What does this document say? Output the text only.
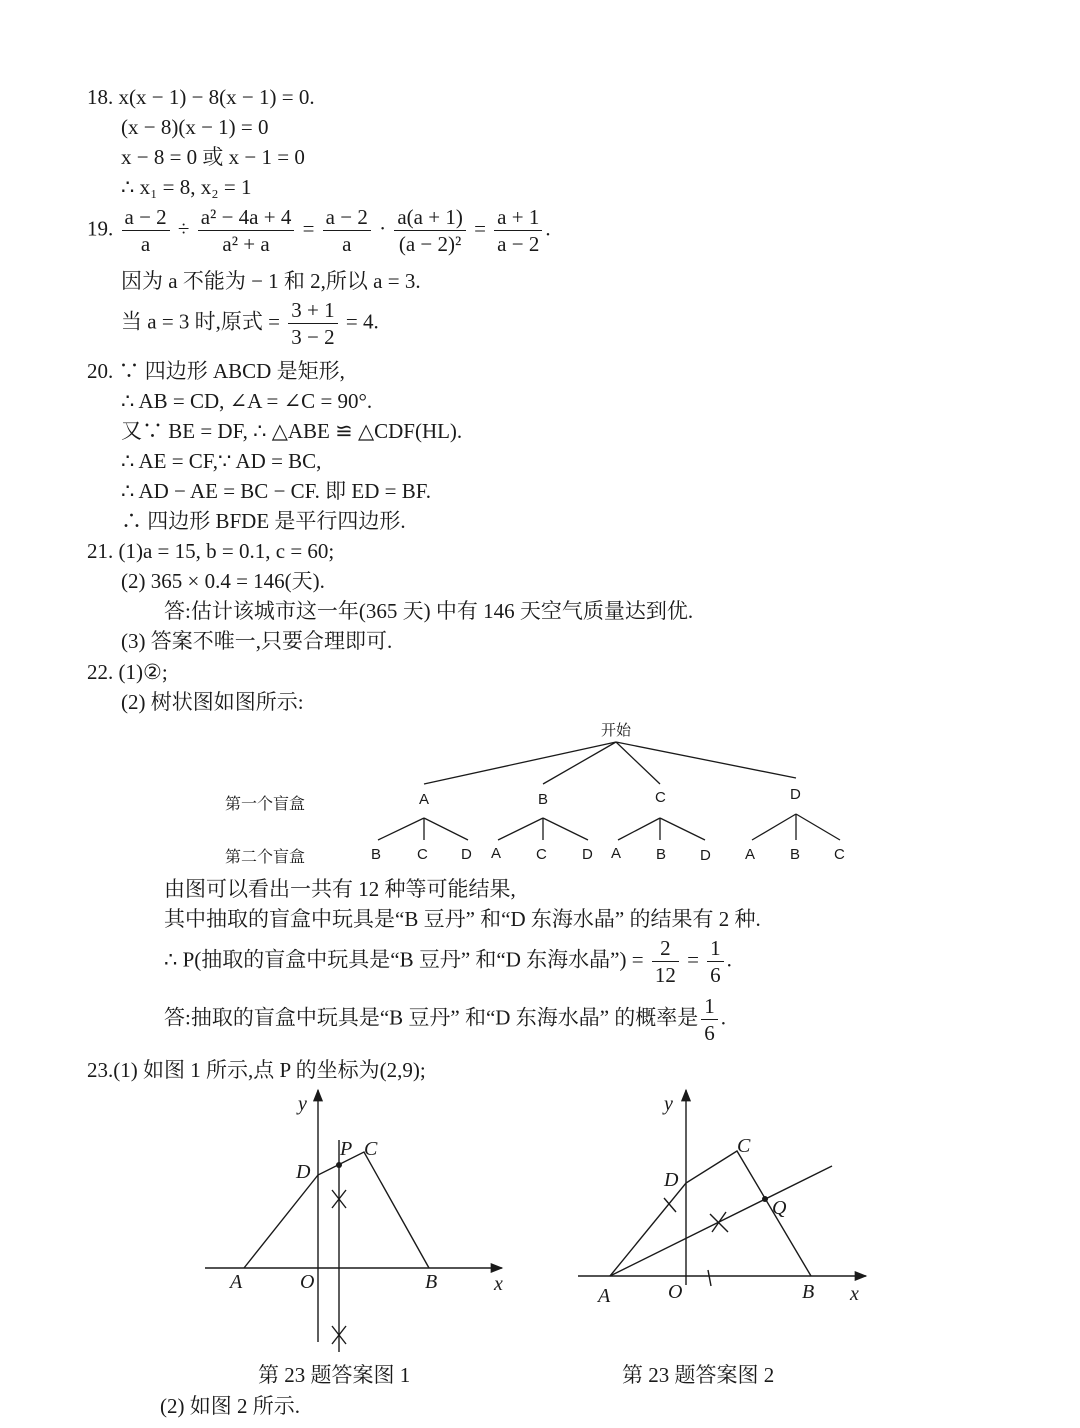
18. x(x − 1) − 8(x − 1) = 0.
(x − 8)(x − 1) = 0
x − 8 = 0 或 x − 1 = 0
∴ x₁ = 8, x₂ = 1
19. $\frac{a - 2}{a} \div \frac{\text{a² − 4a + 4}}{\text{a² + a}} = \frac{a - 2}{a} \cdot \frac{a(a + 1)}{\text{(a − 2)²}} = \frac{a + 1}{a - 2}$ .
因为 a 不能为 − 1 和 2,所以 a = 3.
当 a = 3 时,原式 = $\frac{3 + 1}{3 - 2} = 4$.
20. ∵ 四边形 ABCD 是矩形,
∴ AB = CD, ∠A = ∠C = 90°.
又∵ BE = DF, ∴ △ABE ≌ △CDF(HL).
∴ AE = CF,∵ AD = BC,
∴ AD − AE = BC − CF. 即 ED = BF.
∴ 四边形 BFDE 是平行四边形.
21. (1)a = 15, b = 0.1, c = 60;
(2) 365 × 0.4 = 146(天).
答:估计该城市这一年(365 天) 中有 146 天空气质量达到优.
(3) 答案不唯一,只要合理即可.
22. (1)②;
(2) 树状图如图所示:
开始
第一个盲盒
第二个盲盒
A	B	C	D
B C D A C D A B D A B C
由图可以看出一共有 12 种等可能结果,
其中抽取的盲盒中玩具是“B 豆丹” 和“D 东海水晶” 的结果有 2 种.
∴ P(抽取的盲盒中玩具是“B 豆丹” 和“D 东海水晶”) = $\frac{2}{12} = \frac{1}{6}$ .
答:抽取的盲盒中玩具是“B 豆丹” 和“D 东海水晶” 的概率是 $\frac{1}{6}$ .
23.(1) 如图 1 所示,点 P 的坐标为(2,9);
y
x
A	O	B
D
P C
y
x
A	O	B
D
C
Q
第 23 题答案图 1	第 23 题答案图 2
(2) 如图 2 所示.
